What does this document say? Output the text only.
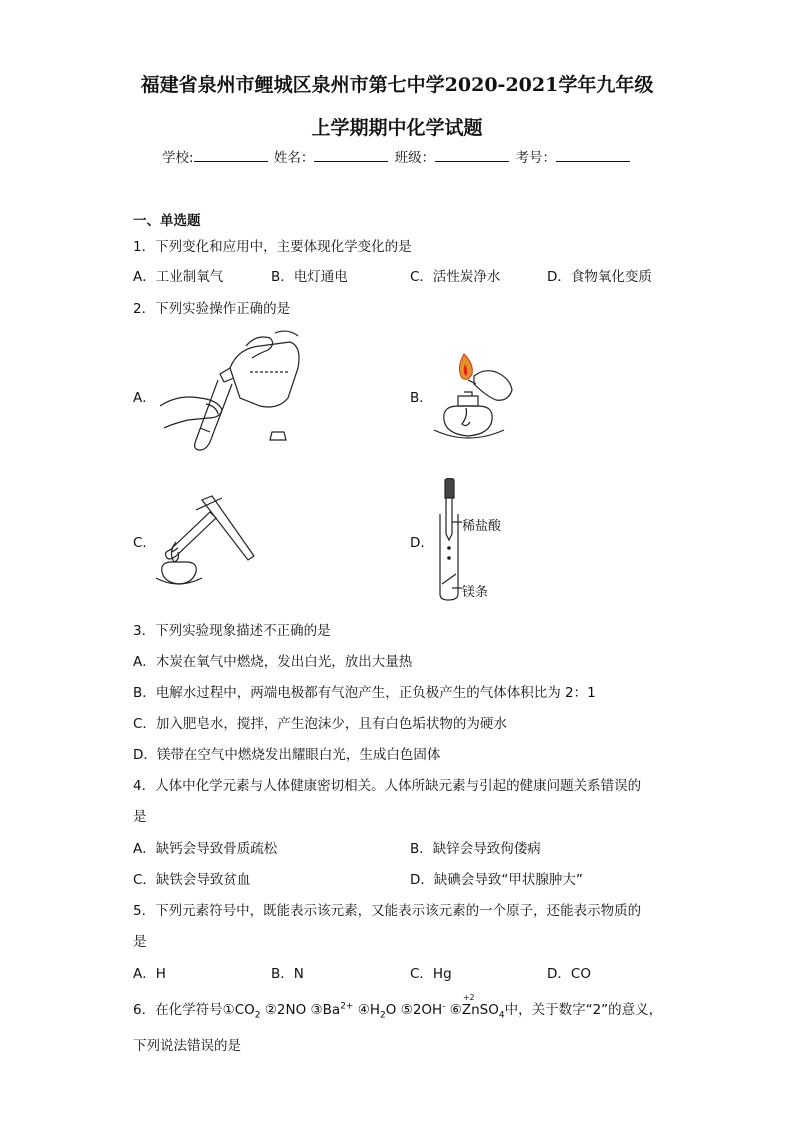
福建省泉州市鲤城区泉州市第七中学2020-2021学年九年级
上学期期中化学试题
学校:	姓名：	班级：	考号：
一、单选题
1．下列变化和应用中，主要体现化学变化的是
A．工业制氧气	B．电灯通电	C．活性炭净水	D．食物氧化变质
2．下列实验操作正确的是
A．	B．
C．	D．
稀盐酸
镁条
3．下列实验现象描述不正确的是
A．木炭在氧气中燃烧，发出白光，放出大量热
B．电解水过程中，两端电极都有气泡产生，正负极产生的气体体积比为 2：1
C．加入肥皂水，搅拌，产生泡沫少，且有白色垢状物的为硬水
D．镁带在空气中燃烧发出耀眼白光，生成白色固体
4．人体中化学元素与人体健康密切相关。人体所缺元素与引起的健康问题关系错误的
是
A．缺钙会导致骨质疏松	B．缺锌会导致佝偻病
C．缺铁会导致贫血	D．缺碘会导致“甲状腺肿大”
5．下列元素符号中，既能表示该元素，又能表示该元素的一个原子，还能表示物质的
是
A．H	B．N	C．Hg	D．CO
6．在化学符号$①CO_2$ ②2NO $③Ba^{2+}$ $④H_2O$ ⑤2OH- ⑥
+2
ZnSO$_4$中，关于数字“2”的意义，
下列说法错误的是
